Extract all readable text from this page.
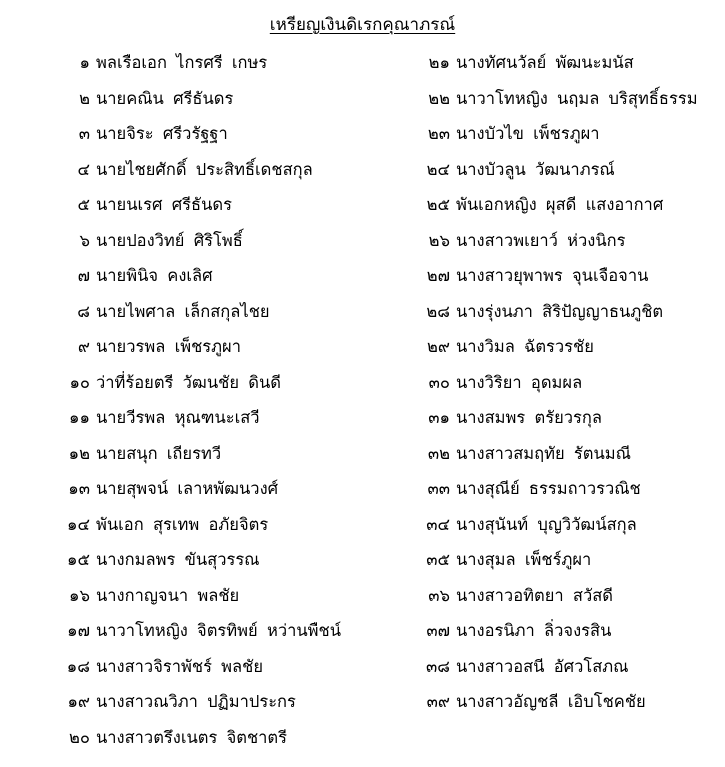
เหรียญเงินดิเรกคุณาภรณ์
๑ พลเรือเอก ไกรศรี เกษร
๒ นายคณิน ศรีธันดร
๓ นายจิระ ศรีวรัฐฐา
๔ นายไชยศักดิ์ ประสิทธิ์เดชสกุล
๕ นายนเรศ ศรีธันดร
๖ นายปองวิทย์ ศิริโพธิ์
๗ นายพินิจ คงเลิศ
๘ นายไพศาล เล็กสกุลไชย
๙ นายวรพล เพ็ชรภูผา
๑๐ ว่าที่ร้อยตรี วัฒนชัย ดินดี
๑๑ นายวีรพล หุณฑนะเสวี
๑๒ นายสนุก เถียรทวี
๑๓ นายสุพจน์ เลาหพัฒนวงศ์
๑๔ พันเอก สุรเทพ อภัยจิตร
๑๕ นางกมลพร ขันสุวรรณ
๑๖ นางกาญจนา พลชัย
๑๗ นาวาโทหญิง จิตรทิพย์ หว่านพืชน์
๑๘ นางสาวจิราพัชร์ พลชัย
๑๙ นางสาวณวิภา ปฏิมาประกร
๒๐ นางสาวตรึงเนตร จิตชาตรี
๒๑ นางทัศนวัลย์ พัฒนะมนัส
๒๒ นาวาโทหญิง นฤมล บริสุทธิ์ธรรม
๒๓ นางบัวไข เพ็ชรภูผา
๒๔ นางบัวลูน วัฒนาภรณ์
๒๕ พันเอกหญิง ผุสดี แสงอากาศ
๒๖ นางสาวพเยาว์ ห่วงนิกร
๒๗ นางสาวยุพาพร จุนเจือจาน
๒๘ นางรุ่งนภา สิริปัญญาธนภูชิต
๒๙ นางวิมล ฉัตรวรชัย
๓๐ นางวิริยา อุดมผล
๓๑ นางสมพร ตรัยวรกุล
๓๒ นางสาวสมฤทัย รัตนมณี
๓๓ นางสุณีย์ ธรรมถาวรวณิช
๓๔ นางสุนันท์ บุญวิวัฒน์สกุล
๓๕ นางสุมล เพ็ชร์ภูผา
๓๖ นางสาวอทิตยา สวัสดี
๓๗ นางอรนิภา ลิ่วจงรสิน
๓๘ นางสาวอสนี อัศวโสภณ
๓๙ นางสาวอัญชลี เอิบโชคชัย
